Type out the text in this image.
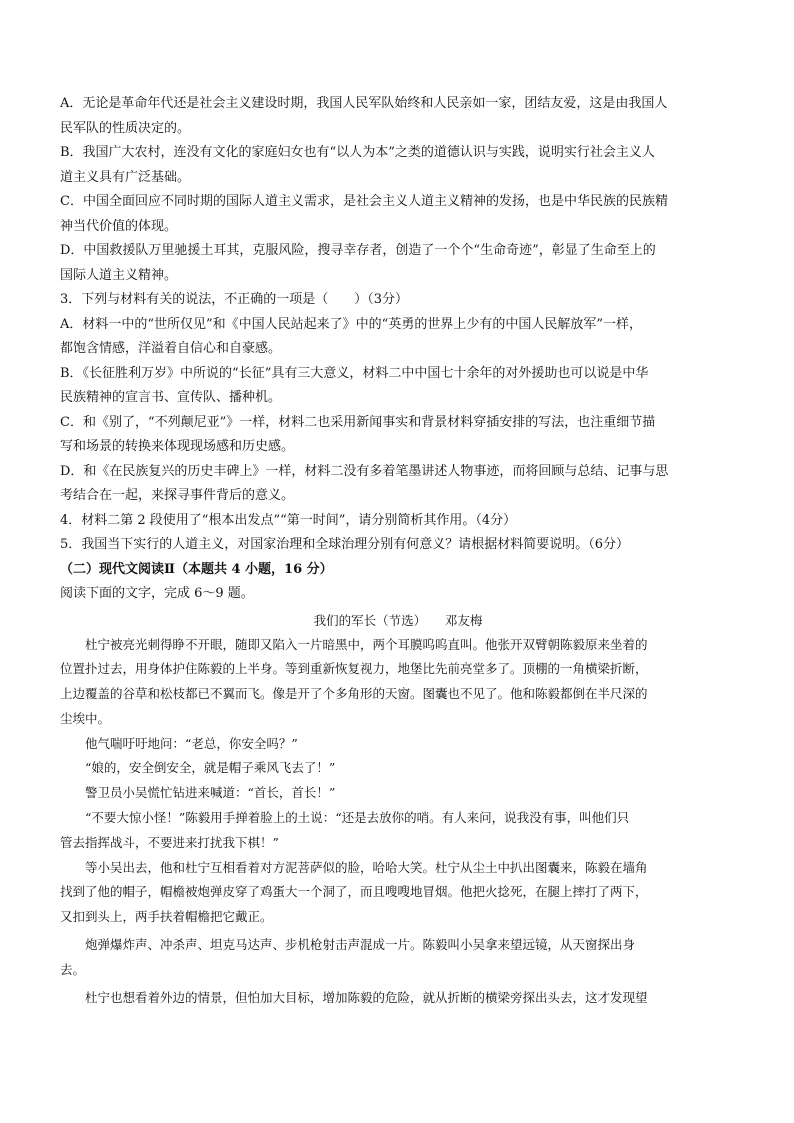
A．无论是革命年代还是社会主义建设时期，我国人民军队始终和人民亲如一家，团结友爱，这是由我国人
民军队的性质决定的。
B．我国广大农村，连没有文化的家庭妇女也有“以人为本”之类的道德认识与实践，说明实行社会主义人
道主义具有广泛基础。
C．中国全面回应不同时期的国际人道主义需求，是社会主义人道主义精神的发扬，也是中华民族的民族精
神当代价值的体现。
D．中国救援队万里驰援土耳其，克服风险，搜寻幸存者，创造了一个个“生命奇迹”，彰显了生命至上的
国际人道主义精神。
3．下列与材料有关的说法，不正确的一项是（　　）（3分）
A．材料一中的“世所仅见”和《中国人民站起来了》中的“英勇的世界上少有的中国人民解放军”一样，
都饱含情感，洋溢着自信心和自豪感。
B．《长征胜利万岁》中所说的“长征”具有三大意义，材料二中中国七十余年的对外援助也可以说是中华
民族精神的宣言书、宣传队、播种机。
C．和《别了，“不列颠尼亚”》一样，材料二也采用新闻事实和背景材料穿插安排的写法，也注重细节描
写和场景的转换来体现现场感和历史感。
D．和《在民族复兴的历史丰碑上》一样，材料二没有多着笔墨讲述人物事迹，而将回顾与总结、记事与思
考结合在一起，来探寻事件背后的意义。
4．材料二第 2 段使用了“根本出发点”“第一时间”，请分别简析其作用。（4分）
5．我国当下实行的人道主义，对国家治理和全球治理分别有何意义？请根据材料简要说明。（6分）
（二）现代文阅读Ⅱ（本题共 4 小题，16 分）
阅读下面的文字，完成 6～9 题。
我们的军长（节选）　　邓友梅
杜宁被亮光刺得睁不开眼，随即又陷入一片暗黑中，两个耳膜呜呜直叫。他张开双臂朝陈毅原来坐着的
位置扑过去，用身体护住陈毅的上半身。等到重新恢复视力，地堡比先前亮堂多了。顶棚的一角横梁折断，
上边覆盖的谷草和松枝都已不翼而飞。像是开了个多角形的天窗。图囊也不见了。他和陈毅都倒在半尺深的
尘埃中。
他气喘吁吁地问：“老总，你安全吗？”
“娘的，安全倒安全，就是帽子乘风飞去了！”
警卫员小吴慌忙钻进来喊道：“首长，首长！”
“不要大惊小怪！”陈毅用手掸着脸上的土说：“还是去放你的哨。有人来问，说我没有事，叫他们只
管去指挥战斗，不要进来打扰我下棋！”
等小吴出去，他和杜宁互相看着对方泥菩萨似的脸，哈哈大笑。杜宁从尘土中扒出图囊来，陈毅在墙角
找到了他的帽子，帽檐被炮弹皮穿了鸡蛋大一个洞了，而且嗖嗖地冒烟。他把火捻死，在腿上摔打了两下，
又扣到头上，两手扶着帽檐把它戴正。
炮弹爆炸声、冲杀声、坦克马达声、步机枪射击声混成一片。陈毅叫小吴拿来望远镜，从天窗探出身
去。
杜宁也想看着外边的情景，但怕加大目标，增加陈毅的危险，就从折断的横梁旁探出头去，这才发现望
